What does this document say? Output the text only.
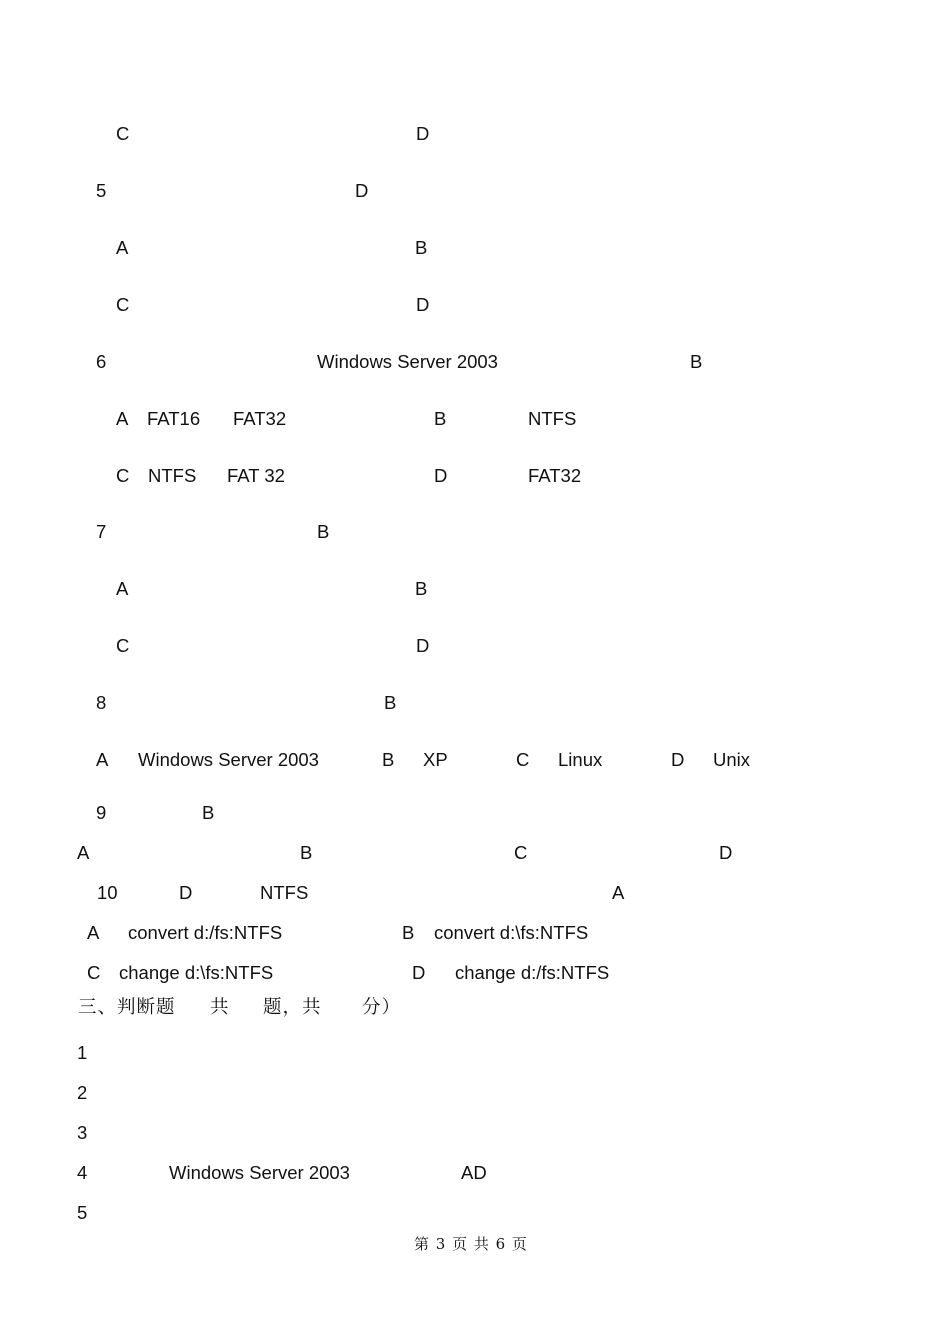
C	D
5	D
A	B
C	D
6	Windows Server 2003	B
A FAT16 FAT32	B	NTFS
C NTFS FAT 32	D	FAT32
7	B
A	B
C	D
8	B
A Windows Server 2003	B XP	C Linux	D Unix
9	B
A	B	C	D
10	D	NTFS	A
A convert d:/fs:NTFS	B convert d:\fs:NTFS
C change d:\fs:NTFS	D change d:/fs:NTFS
三、判断题 共 题，共 分）
1
2
3
4	Windows Server 2003	AD
5
第 3 页 共 6 页
